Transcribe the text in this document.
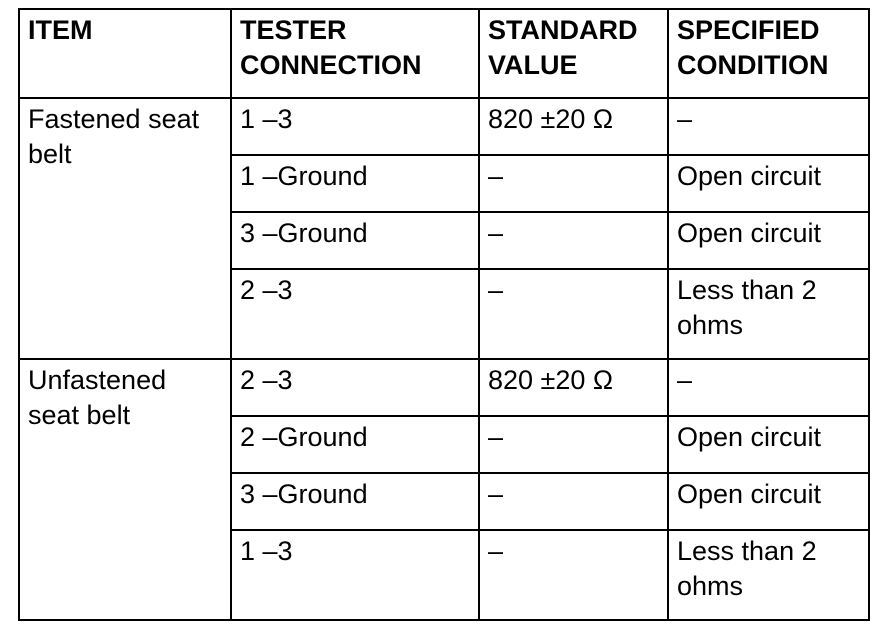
ITEM	TESTER CONNECTION	STANDARD VALUE	SPECIFIED CONDITION
Fastened seat belt	1 –3	820 ±20 Ω	–
	1 –Ground	–	Open circuit
	3 –Ground	–	Open circuit
	2 –3	–	Less than 2 ohms
Unfastened seat belt	2 –3	820 ±20 Ω	–
	2 –Ground	–	Open circuit
	3 –Ground	–	Open circuit
	1 –3	–	Less than 2 ohms
